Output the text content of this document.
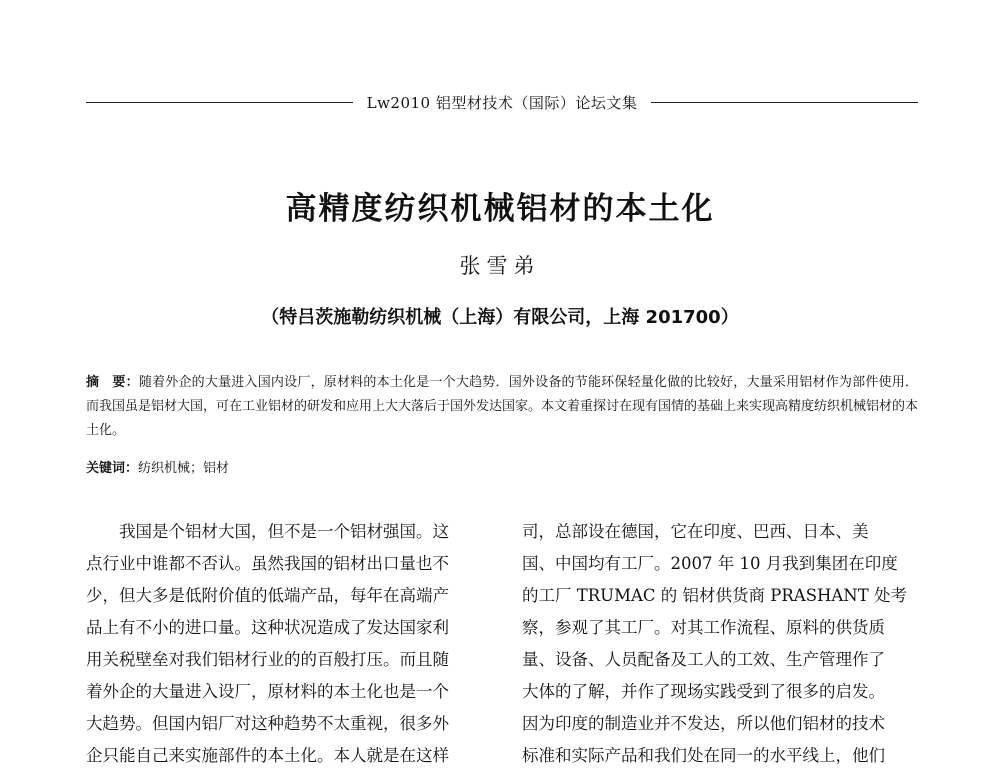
Lw2010 铝型材技术（国际）论坛文集
高精度纺织机械铝材的本土化
张雪弟
（特吕茨施勒纺织机械（上海）有限公司，上海 201700）
摘　要：随着外企的大量进入国内设厂，原材料的本土化是一个大趋势．国外设备的节能环保轻量化做的比较好，大量采用铝材作为部件使用．而我国虽是铝材大国，可在工业铝材的研发和应用上大大落后于国外发达国家。本文着重探讨在现有国情的基础上来实现高精度纺织机械铝材的本土化。
关键词：纺织机械；铝材
　　我国是个铝材大国，但不是一个铝材强国。这
点行业中谁都不否认。虽然我国的铝材出口量也不
少，但大多是低附价值的低端产品，每年在高端产
品上有不小的进口量。这种状况造成了发达国家利
用关税壁垒对我们铝材行业的的百般打压。而且随
着外企的大量进入设厂，原材料的本土化也是一个
大趋势。但国内铝厂对这种趋势不太重视，很多外
企只能自己来实施部件的本土化。本人就是在这样
司，总部设在德国，它在印度、巴西、日本、美
国、中国均有工厂。2007 年 10 月我到集团在印度
的工厂 TRUMAC 的 铝材供货商 PRASHANT 处考
察，参观了其工厂。对其工作流程、原料的供货质
量、设备、人员配备及工人的工效、生产管理作了
大体的了解，并作了现场实践受到了很多的启发。
因为印度的制造业并不发达，所以他们铝材的技术
标准和实际产品和我们处在同一的水平线上，他们
